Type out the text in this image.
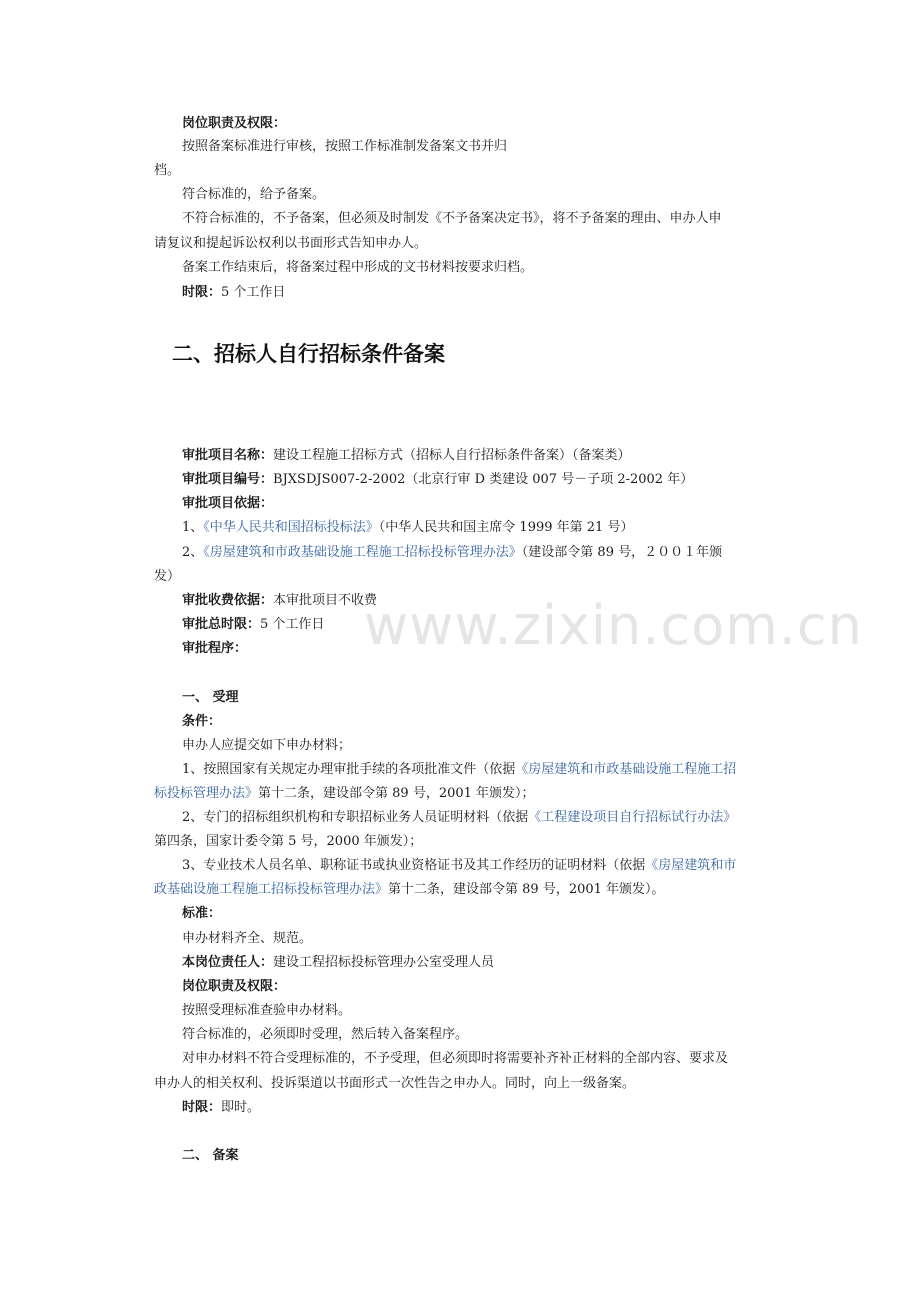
岗位职责及权限：
按照备案标准进行审核，按照工作标准制发备案文书并归
档。
符合标准的，给予备案。
不符合标准的，不予备案，但必须及时制发《不予备案决定书》，将不予备案的理由、申办人申
请复议和提起诉讼权利以书面形式告知申办人。
备案工作结束后，将备案过程中形成的文书材料按要求归档。
时限：5 个工作日
二、招标人自行招标条件备案
审批项目名称：建设工程施工招标方式（招标人自行招标条件备案）（备案类）
审批项目编号：BJXSDJS007-2-2002（北京行审 D 类建设 007 号－子项 2-2002 年）
审批项目依据：
1、《中华人民共和国招标投标法》（中华人民共和国主席令 1999 年第 21 号）
2、《房屋建筑和市政基础设施工程施工招标投标管理办法》（建设部令第 89 号，２００１年颁
发）
审批收费依据：本审批项目不收费
审批总时限：5 个工作日
审批程序： www.zixin.com.cn
一、 受理
条件：
申办人应提交如下申办材料；
1、按照国家有关规定办理审批手续的各项批准文件（依据《房屋建筑和市政基础设施工程施工招
标投标管理办法》第十二条，建设部令第 89 号，2001 年颁发）；
2、专门的招标组织机构和专职招标业务人员证明材料（依据《工程建设项目自行招标试行办法》
第四条，国家计委令第 5 号，2000 年颁发）；
3、专业技术人员名单、职称证书或执业资格证书及其工作经历的证明材料（依据《房屋建筑和市
政基础设施工程施工招标投标管理办法》第十二条，建设部令第 89 号，2001 年颁发）。
标准：
申办材料齐全、规范。
本岗位责任人：建设工程招标投标管理办公室受理人员
岗位职责及权限：
按照受理标准查验申办材料。
符合标准的，必须即时受理，然后转入备案程序。
对申办材料不符合受理标准的，不予受理，但必须即时将需要补齐补正材料的全部内容、要求及
申办人的相关权利、投诉渠道以书面形式一次性告之申办人。同时，向上一级备案。
时限：即时。
二、 备案
